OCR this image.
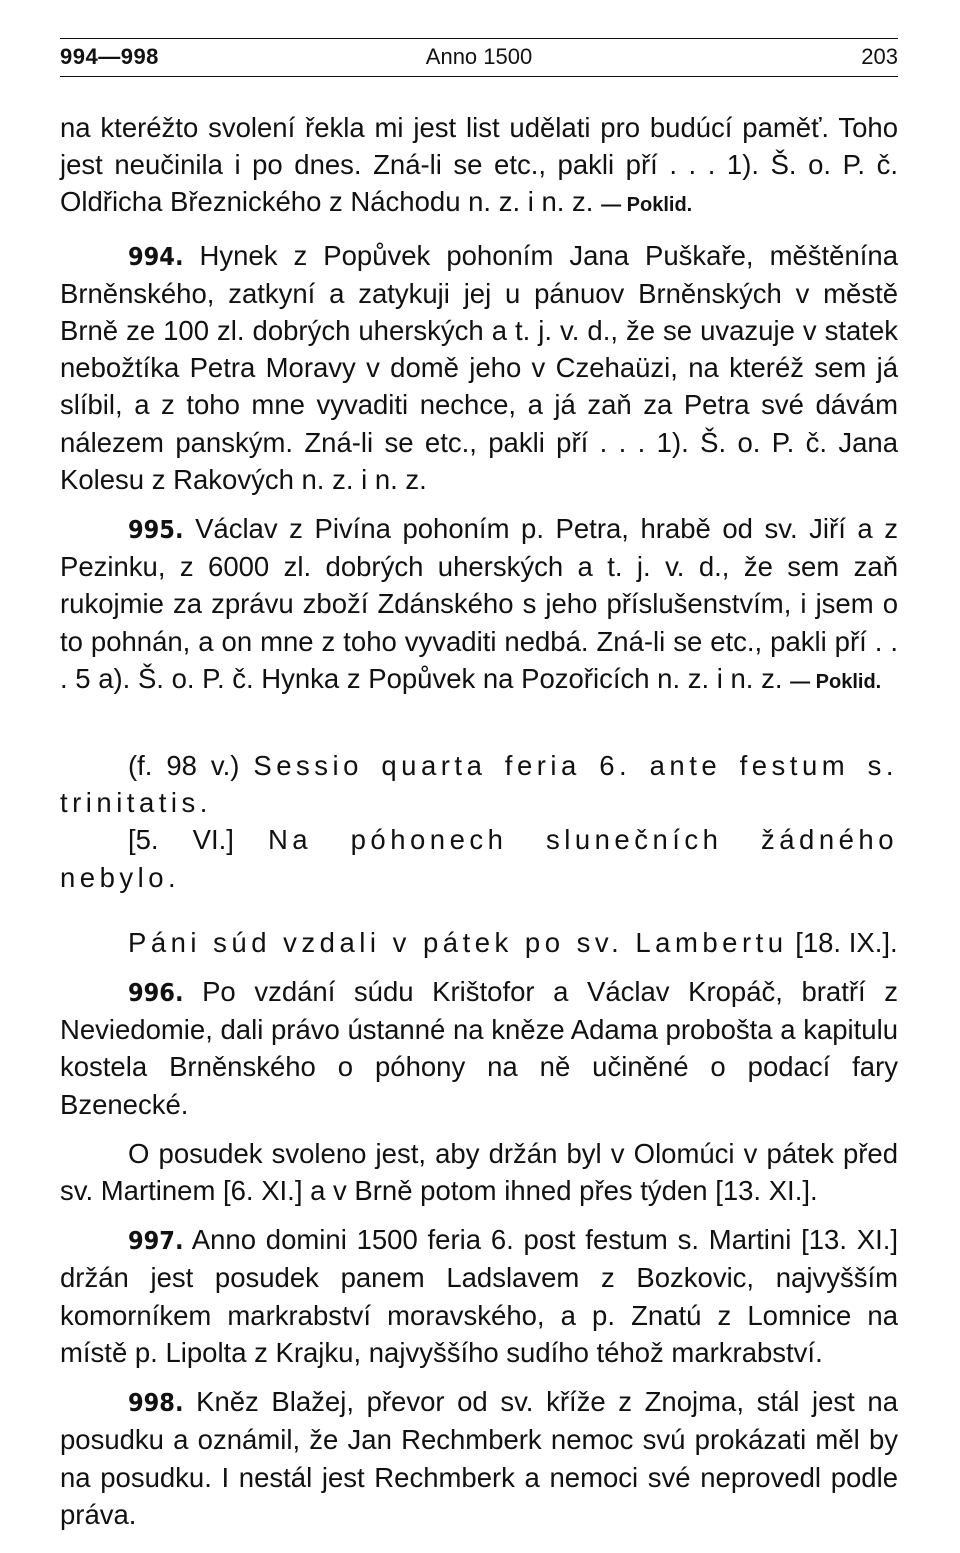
994—998	Anno 1500	203

na kteréžto svolení řekla mi jest list udělati pro budúcí paměť. Toho jest neučinila i po dnes. Zná-li se etc., pakli pří . . . 1). Š. o. P. č. Oldřicha Březnického z Náchodu n. z. i n. z. — Poklid.

994. Hynek z Popůvek pohoním Jana Puškaře, měštěnína Brněnského, zatkyní a zatykuji jej u pánuov Brněnských v městě Brně ze 100 zl. dobrých uherských a t. j. v. d., že se uvazuje v statek nebožtíka Petra Moravy v domě jeho v Czehaüzi, na kteréž sem já slíbil, a z toho mne vyvaditi nechce, a já zaň za Petra své dávám nálezem panským. Zná-li se etc., pakli pří . . . 1). Š. o. P. č. Jana Kolesu z Rakových n. z. i n. z.

995. Václav z Pivína pohoním p. Petra, hrabě od sv. Jiří a z Pezinku, z 6000 zl. dobrých uherských a t. j. v. d., že sem zaň rukojmie za zprávu zboží Zdánského s jeho příslušenstvím, i jsem o to pohnán, a on mne z toho vyvaditi nedbá. Zná-li se etc., pakli pří . . . 5 a). Š. o. P. č. Hynka z Popůvek na Pozořicích n. z. i n. z. — Poklid.

(f. 98 v.) Sessio quarta feria 6. ante festum s. trinitatis.
[5. VI.] Na póhonech slunečních žádného nebylo.
Páni súd vzdali v pátek po sv. Lambertu [18. IX.].

996. Po vzdání súdu Krištofor a Václav Kropáč, bratří z Neviedomie, dali právo ústanné na kněze Adama probošta a kapitulu kostela Brněnského o póhony na ně učiněné o podací fary Bzenecké.

O posudek svoleno jest, aby držán byl v Olomúci v pátek před sv. Martinem [6. XI.] a v Brně potom ihned přes týden [13. XI.].

997. Anno domini 1500 feria 6. post festum s. Martini [13. XI.] držán jest posudek panem Ladslavem z Bozkovic, najvyšším komorníkem markrabství moravského, a p. Znatú z Lomnice na místě p. Lipolta z Krajku, najvyššího sudího téhož markrabství.

998. Kněz Blažej, převor od sv. kříže z Znojma, stál jest na posudku a oznámil, že Jan Rechmberk nemoc svú prokázati měl by na posudku. I nestál jest Rechmberk a nemoci své neprovedl podle práva.
